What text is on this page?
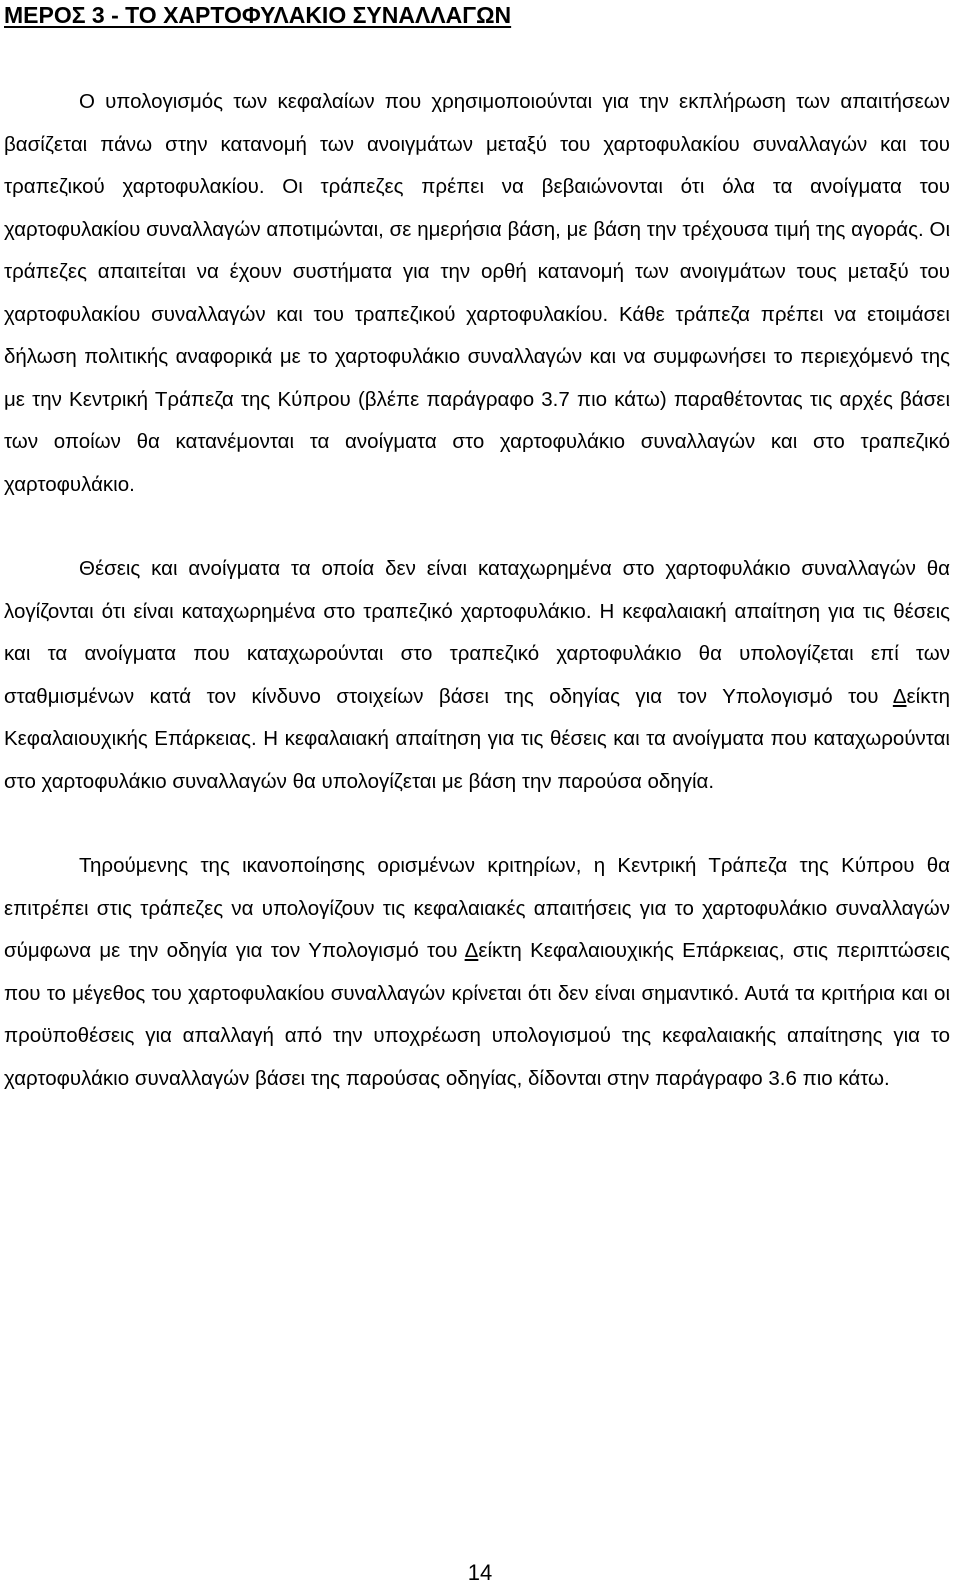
ΜΕΡΟΣ 3 - ΤΟ ΧΑΡΤΟΦΥΛΑΚΙΟ ΣΥΝΑΛΛΑΓΩΝ

Ο υπολογισμός των κεφαλαίων που χρησιμοποιούνται για την εκπλήρωση των απαιτήσεων βασίζεται πάνω στην κατανομή των ανοιγμάτων μεταξύ του χαρτοφυλακίου συναλλαγών και του τραπεζικού χαρτοφυλακίου. Οι τράπεζες πρέπει να βεβαιώνονται ότι όλα τα ανοίγματα του χαρτοφυλακίου συναλλαγών αποτιμώνται, σε ημερήσια βάση, με βάση την τρέχουσα τιμή της αγοράς. Οι τράπεζες απαιτείται να έχουν συστήματα για την ορθή κατανομή των ανοιγμάτων τους μεταξύ του χαρτοφυλακίου συναλλαγών και του τραπεζικού χαρτοφυλακίου. Κάθε τράπεζα πρέπει να ετοιμάσει δήλωση πολιτικής αναφορικά με το χαρτοφυλάκιο συναλλαγών και να συμφωνήσει το περιεχόμενό της με την Κεντρική Τράπεζα της Κύπρου (βλέπε παράγραφο 3.7 πιο κάτω) παραθέτοντας τις αρχές βάσει των οποίων θα κατανέμονται τα ανοίγματα στο χαρτοφυλάκιο συναλλαγών και στο τραπεζικό χαρτοφυλάκιο.

Θέσεις και ανοίγματα τα οποία δεν είναι καταχωρημένα στο χαρτοφυλάκιο συναλλαγών θα λογίζονται ότι είναι καταχωρημένα στο τραπεζικό χαρτοφυλάκιο. Η κεφαλαιακή απαίτηση για τις θέσεις και τα ανοίγματα που καταχωρούνται στο τραπεζικό χαρτοφυλάκιο θα υπολογίζεται επί των σταθμισμένων κατά τον κίνδυνο στοιχείων βάσει της οδηγίας για τον Υπολογισμό του Δείκτη Κεφαλαιουχικής Επάρκειας. Η κεφαλαιακή απαίτηση για τις θέσεις και τα ανοίγματα που καταχωρούνται στο χαρτοφυλάκιο συναλλαγών θα υπολογίζεται με βάση την παρούσα οδηγία.

Τηρούμενης της ικανοποίησης ορισμένων κριτηρίων, η Κεντρική Τράπεζα της Κύπρου θα επιτρέπει στις τράπεζες να υπολογίζουν τις κεφαλαιακές απαιτήσεις για το χαρτοφυλάκιο συναλλαγών σύμφωνα με την οδηγία για τον Υπολογισμό του Δείκτη Κεφαλαιουχικής Επάρκειας, στις περιπτώσεις που το μέγεθος του χαρτοφυλακίου συναλλαγών κρίνεται ότι δεν είναι σημαντικό. Αυτά τα κριτήρια και οι προϋποθέσεις για απαλλαγή από την υποχρέωση υπολογισμού της κεφαλαιακής απαίτησης για το χαρτοφυλάκιο συναλλαγών βάσει της παρούσας οδηγίας, δίδονται στην παράγραφο 3.6 πιο κάτω.

14
